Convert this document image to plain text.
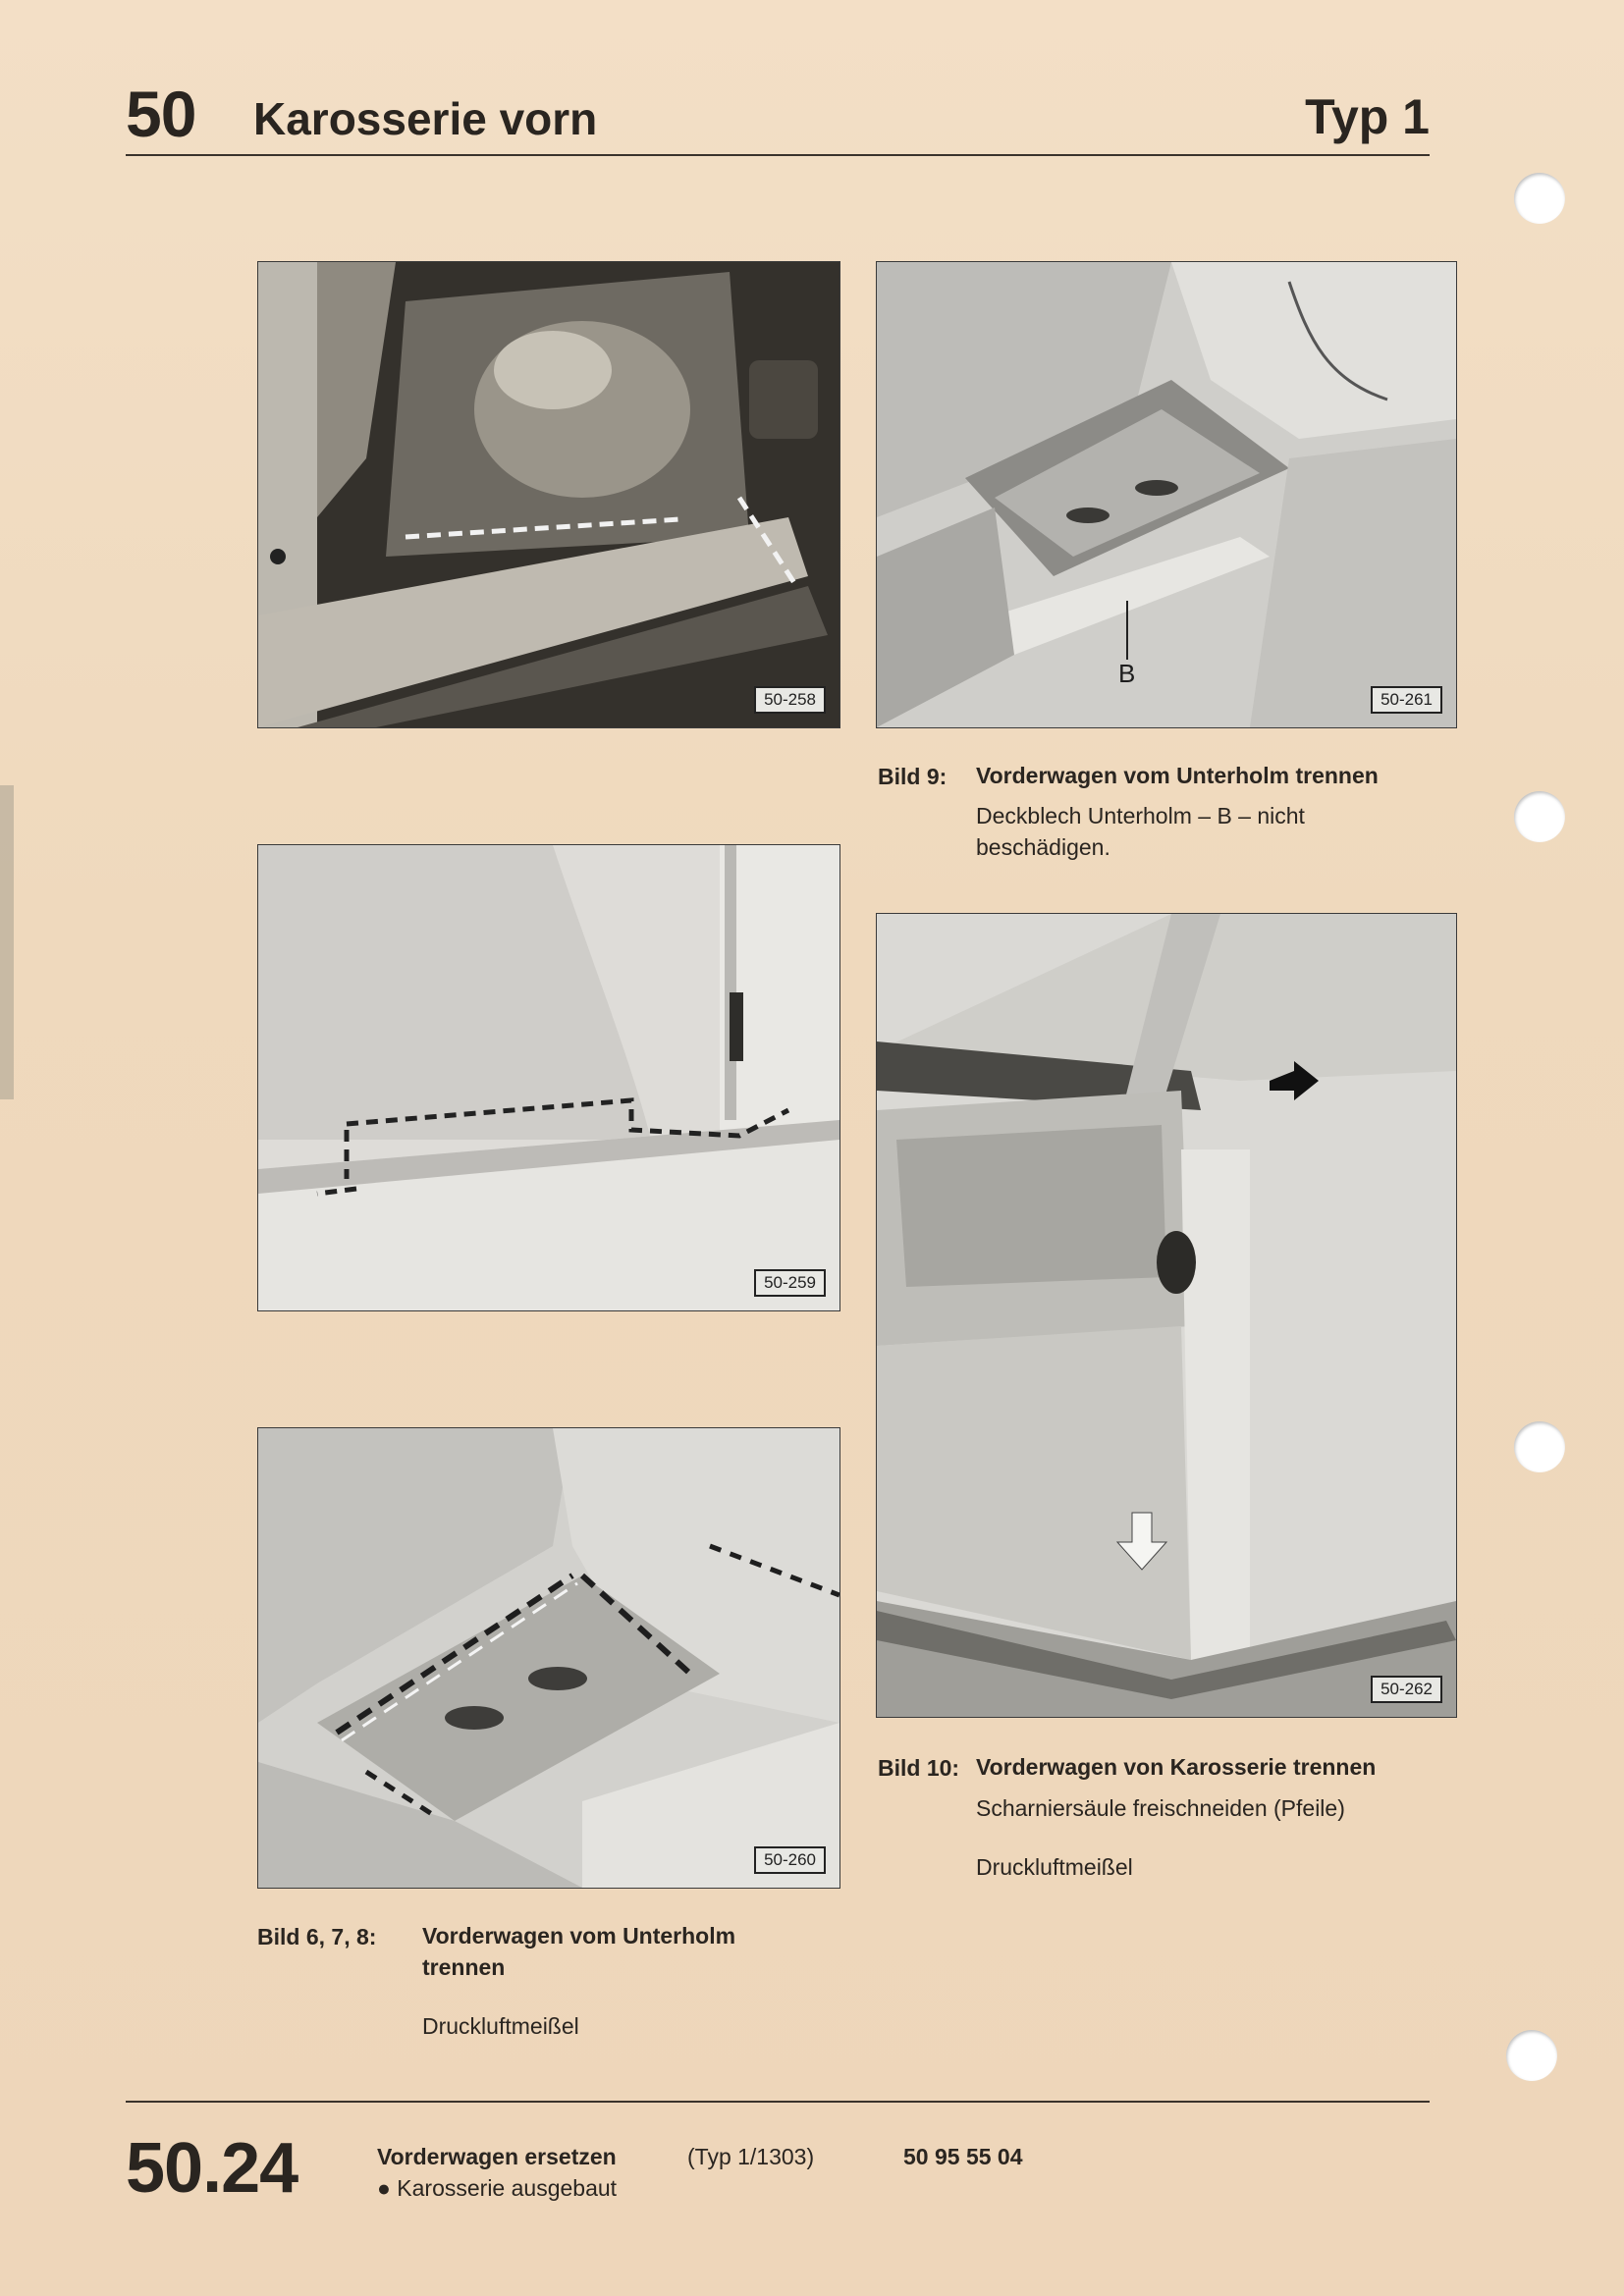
50 Karosserie vorn	Typ 1
50-258
B
50-261
Bild 9: Vorderwagen vom Unterholm trennen
Deckblech Unterholm – B – nicht beschädigen.
50-259
50-262
50-260
Bild 10: Vorderwagen von Karosserie trennen
Scharniersäule freischneiden (Pfeile)
Druckluftmeißel
Bild 6, 7, 8: Vorderwagen vom Unterholm trennen
Druckluftmeißel
50.24	Vorderwagen ersetzen
● Karosserie ausgebaut
(Typ 1/1303)	50 95 55 04
